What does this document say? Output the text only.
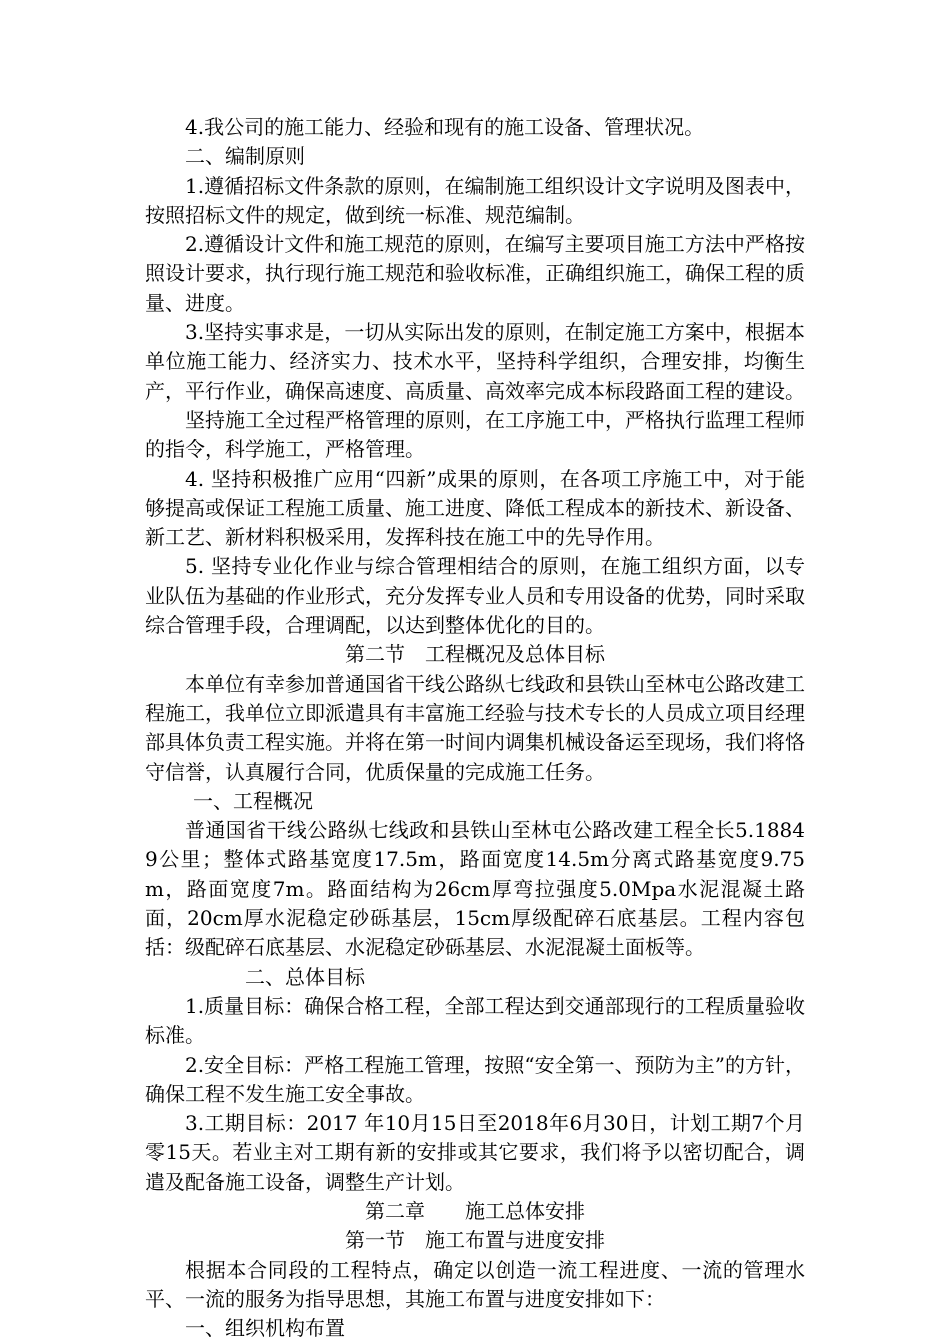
4.我公司的施工能力、经验和现有的施工设备、管理状况。

二、编制原则

1.遵循招标文件条款的原则，在编制施工组织设计文字说明及图表中，按照招标文件的规定，做到统一标准、规范编制。

2.遵循设计文件和施工规范的原则，在编写主要项目施工方法中严格按照设计要求，执行现行施工规范和验收标准，正确组织施工，确保工程的质量、进度。

3.坚持实事求是，一切从实际出发的原则，在制定施工方案中，根据本单位施工能力、经济实力、技术水平，坚持科学组织，合理安排，均衡生产，平行作业，确保高速度、高质量、高效率完成本标段路面工程的建设。

坚持施工全过程严格管理的原则，在工序施工中，严格执行监理工程师的指令，科学施工，严格管理。

4. 坚持积极推广应用“四新”成果的原则，在各项工序施工中，对于能够提高或保证工程施工质量、施工进度、降低工程成本的新技术、新设备、新工艺、新材料积极采用，发挥科技在施工中的先导作用。

5. 坚持专业化作业与综合管理相结合的原则，在施工组织方面，以专业队伍为基础的作业形式，充分发挥专业人员和专用设备的优势，同时采取综合管理手段，合理调配，以达到整体优化的目的。

第二节　工程概况及总体目标

本单位有幸参加普通国省干线公路纵七线政和县铁山至林屯公路改建工程施工，我单位立即派遣具有丰富施工经验与技术专长的人员成立项目经理部具体负责工程实施。并将在第一时间内调集机械设备运至现场，我们将恪守信誉，认真履行合同，优质保量的完成施工任务。

一、工程概况

普通国省干线公路纵七线政和县铁山至林屯公路改建工程全长5.18849公里；整体式路基宽度17.5m，路面宽度14.5m分离式路基宽度9.75m，路面宽度7m。路面结构为26cm厚弯拉强度5.0Mpa水泥混凝土路面，20cm厚水泥稳定砂砾基层，15cm厚级配碎石底基层。工程内容包括：级配碎石底基层、水泥稳定砂砾基层、水泥混凝土面板等。

二、总体目标

1.质量目标：确保合格工程，全部工程达到交通部现行的工程质量验收标准。

2.安全目标：严格工程施工管理，按照“安全第一、预防为主”的方针，确保工程不发生施工安全事故。

3.工期目标：2017 年10月15日至2018年6月30日，计划工期7个月零15天。若业主对工期有新的安排或其它要求，我们将予以密切配合，调遣及配备施工设备，调整生产计划。

第二章　　施工总体安排

第一节　施工布置与进度安排

根据本合同段的工程特点，确定以创造一流工程进度、一流的管理水平、一流的服务为指导思想，其施工布置与进度安排如下：

一、组织机构布置
